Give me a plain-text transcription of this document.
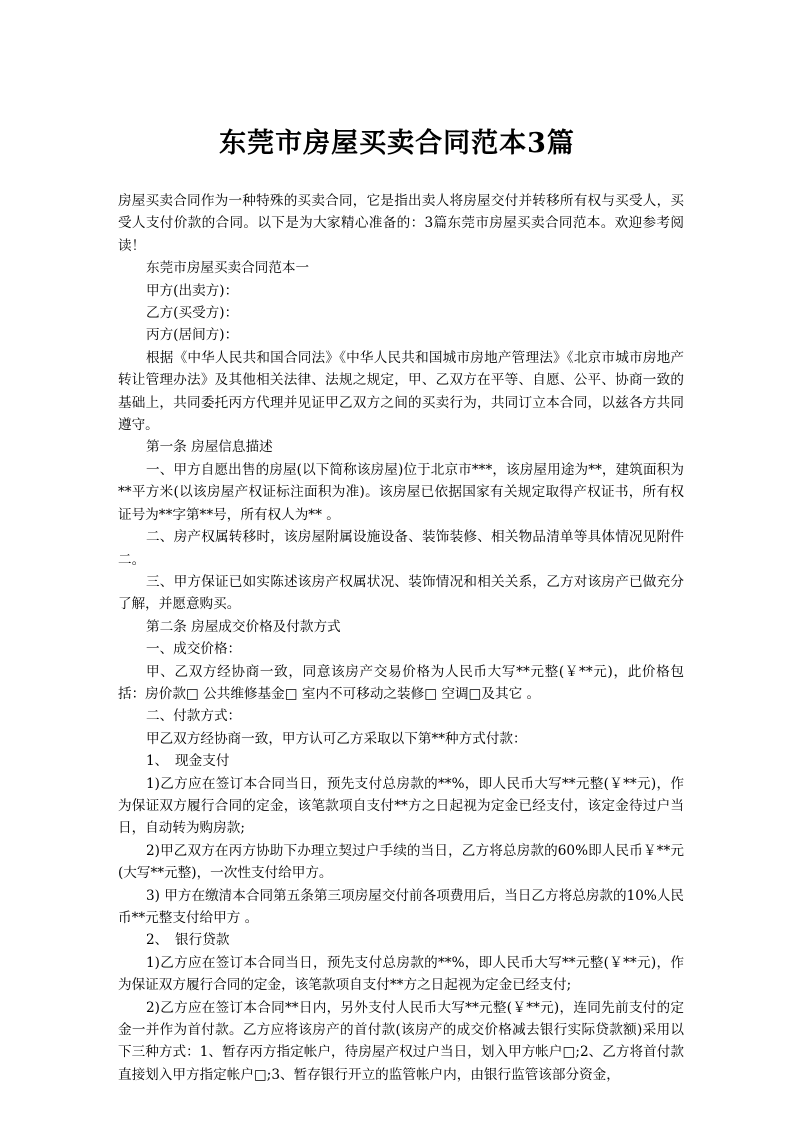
东莞市房屋买卖合同范本3篇

房屋买卖合同作为一种特殊的买卖合同，它是指出卖人将房屋交付并转移所有权与买受人，买受人支付价款的合同。以下是为大家精心准备的：3篇东莞市房屋买卖合同范本。欢迎参考阅读！

东莞市房屋买卖合同范本一

甲方(出卖方)：

乙方(买受方)：

丙方(居间方)：

根据《中华人民共和国合同法》《中华人民共和国城市房地产管理法》《北京市城市房地产转让管理办法》及其他相关法律、法规之规定，甲、乙双方在平等、自愿、公平、协商一致的基础上，共同委托丙方代理并见证甲乙双方之间的买卖行为，共同订立本合同，以兹各方共同遵守。

第一条 房屋信息描述

一、甲方自愿出售的房屋(以下简称该房屋)位于北京市***，该房屋用途为**，建筑面积为**平方米(以该房屋产权证标注面积为准)。该房屋已依据国家有关规定取得产权证书，所有权证号为**字第**号，所有权人为** 。

二、房产权属转移时，该房屋附属设施设备、装饰装修、相关物品清单等具体情况见附件二。

三、甲方保证已如实陈述该房产权属状况、装饰情况和相关关系，乙方对该房产已做充分了解，并愿意购买。

第二条 房屋成交价格及付款方式

一、成交价格：

甲、乙双方经协商一致，同意该房产交易价格为人民币大写**元整(￥**元)，此价格包括：房价款□ 公共维修基金□ 室内不可移动之装修□ 空调□及其它 。

二、付款方式：

甲乙双方经协商一致，甲方认可乙方采取以下第**种方式付款：

1、　现金支付

1)乙方应在签订本合同当日，预先支付总房款的**%，即人民币大写**元整(￥**元)，作为保证双方履行合同的定金，该笔款项自支付**方之日起视为定金已经支付，该定金待过户当日，自动转为购房款;

2)甲乙双方在丙方协助下办理立契过户手续的当日，乙方将总房款的60%即人民币￥**元(大写**元整)，一次性支付给甲方。

3) 甲方在缴清本合同第五条第三项房屋交付前各项费用后，当日乙方将总房款的10%人民币**元整支付给甲方 。

2、　银行贷款

1)乙方应在签订本合同当日，预先支付总房款的**%，即人民币大写**元整(￥**元)，作为保证双方履行合同的定金，该笔款项自支付**方之日起视为定金已经支付;

2)乙方应在签订本合同**日内，另外支付人民币大写**元整(￥**元)，连同先前支付的定金一并作为首付款。乙方应将该房产的首付款(该房产的成交价格减去银行实际贷款额)采用以下三种方式：1、暂存丙方指定帐户，待房屋产权过户当日，划入甲方帐户□;2、乙方将首付款直接划入甲方指定帐户□;3、暂存银行开立的监管帐户内，由银行监管该部分资金，
